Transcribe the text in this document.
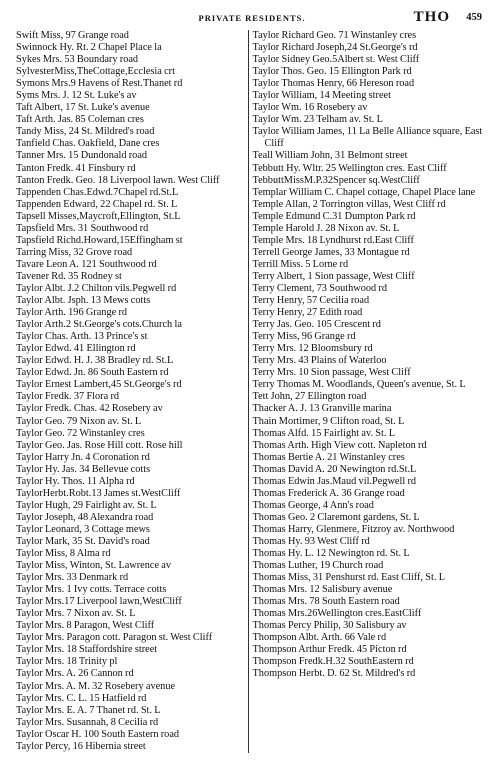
PRIVATE RESIDENTS.	THO 459
Swift Miss, 97 Grange road
Swinnock Hy. Rt. 2 Chapel Place la
Sykes Mrs. 53 Boundary road
SylvesterMiss,TheCottage,Ecclesia crt
Symons Mrs.9 Havens of Rest.Thanet rd
Syms Mrs. J. 12 St. Luke's av
Taft Albert, 17 St. Luke's avenue
Taft Arth. Jas. 85 Coleman cres
Tandy Miss, 24 St. Mildred's road
Tanfield Chas. Oakfield, Dane cres
Tanner Mrs. 15 Dundonald road
Tanton Fredk. 41 Finsbury rd
Tanton Fredk. Geo. 18 Liverpool lawn. West Cliff
Tappenden Chas.Edwd.7Chapel rd.St.L
Tappenden Edward, 22 Chapel rd. St. L
Tapsell Misses,Maycroft,Ellington, St.L
Tapsfield Mrs. 31 Southwood rd
Tapsfield Richd.Howard,15Effingham st
Tarring Miss, 32 Grove road
Tavare Leon A. 121 Southwood rd
Tavener Rd. 35 Rodney st
Taylor Albt. J.2 Chilton vils.Pegwell rd
Taylor Albt. Jsph. 13 Mews cotts
Taylor Arth. 196 Grange rd
Taylor Arth.2 St.George's cots.Church la
Taylor Chas. Arth. 13 Prince's st
Taylor Edwd. 41 Ellington rd
Taylor Edwd. H. J. 38 Bradley rd. St.L
Taylor Edwd. Jn. 86 South Eastern rd
Taylor Ernest Lambert,45 St.George's rd
Taylor Fredk. 37 Flora rd
Taylor Fredk. Chas. 42 Rosebery av
Taylor Geo. 79 Nixon av. St. L
Taylor Geo. 72 Winstanley cres
Taylor Geo. Jas. Rose Hill cott. Rose hill
Taylor Harry Jn. 4 Coronation rd
Taylor Hy. Jas. 34 Bellevue cotts
Taylor Hy. Thos. 11 Alpha rd
TaylorHerbt.Robt.13 James st.WestCliff
Taylor Hugh, 29 Fairlight av. St. L
Taylor Joseph, 48 Alexandra road
Taylor Leonard, 3 Cottage mews
Taylor Mark, 35 St. David's road
Taylor Miss, 8 Alma rd
Taylor Miss, Winton, St. Lawrence av
Taylor Mrs. 33 Denmark rd
Taylor Mrs. 1 Ivy cotts. Terrace cotts
Taylor Mrs.17 Liverpool lawn,WestCliff
Taylor Mrs. 7 Nixon av. St. L
Taylor Mrs. 8 Paragon, West Cliff
Taylor Mrs. Paragon cott. Paragon st. West Cliff
Taylor Mrs. 18 Staffordshire street
Taylor Mrs. 18 Trinity pl
Taylor Mrs. A. 26 Cannon rd
Taylor Mrs. A. M. 32 Rosebery avenue
Taylor Mrs. C. L. 15 Hatfield rd
Taylor Mrs. E. A. 7 Thanet rd. St. L
Taylor Mrs. Susannah, 8 Cecilia rd
Taylor Oscar H. 100 South Eastern road
Taylor Percy, 16 Hibernia street
Taylor Richard Geo. 71 Winstanley cres
Taylor Richard Joseph,24 St.George's rd
Taylor Sidney Geo.5Albert st. West Cliff
Taylor Thos. Geo. 15 Ellington Park rd
Taylor Thomas Henry, 66 Hereson road
Taylor William, 14 Meeting street
Taylor Wm. 16 Rosebery av
Taylor Wm. 23 Telham av. St. L
Taylor William James, 11 La Belle Alliance square, East Cliff
Teall William John, 31 Belmont street
Tebbutt Hy. Wltr. 25 Wellington cres. East Cliff
TebbuttMissM.P.32Spencer sq.WestCliff
Templar William C. Chapel cottage, Chapel Place lane
Temple Allan, 2 Torrington villas, West Cliff rd
Temple Edmund C.31 Dumpton Park rd
Temple Harold J. 28 Nixon av. St. L
Temple Mrs. 18 Lyndhurst rd.East Cliff
Terrell George James, 33 Montague rd
Terrill Miss. 5 Lorne rd
Terry Albert, 1 Sion passage, West Cliff
Terry Clement, 73 Southwood rd
Terry Henry, 57 Cecilia road
Terry Henry, 27 Edith road
Terry Jas. Geo. 105 Crescent rd
Terry Miss, 96 Grange rd
Terry Mrs. 12 Bloomsbury rd
Terry Mrs. 43 Plains of Waterloo
Terry Mrs. 10 Sion passage, West Cliff
Terry Thomas M. Woodlands, Queen's avenue, St. L
Tett John, 27 Ellington road
Thacker A. J. 13 Granville marina
Thain Mortimer, 9 Clifton road, St. L
Thomas Alfd. 15 Fairlight av. St. L
Thomas Arth. High View cott. Napleton rd
Thomas Bertie A. 21 Winstanley cres
Thomas David A. 20 Newington rd.St.L
Thomas Edwin Jas.Maud vil.Pegwell rd
Thomas Frederick A. 36 Grange road
Thomas George, 4 Ann's road
Thomas Geo. 2 Claremont gardens, St. L
Thomas Harry, Glenmere, Fitzroy av. Northwood
Thomas Hy. 93 West Cliff rd
Thomas Hy. L. 12 Newington rd. St. L
Thomas Luther, 19 Church road
Thomas Miss, 31 Penshurst rd. East Cliff, St. L
Thomas Mrs. 12 Salisbury avenue
Thomas Mrs. 78 South Eastern road
Thomas Mrs.26Wellington cres.EastCliff
Thomas Percy Philip, 30 Salisbury av
Thompson Albt. Arth. 66 Vale rd
Thompson Arthur Fredk. 45 Picton rd
Thompson Fredk.H.32 SouthEastern rd
Thompson Herbt. D. 62 St. Mildred's rd
